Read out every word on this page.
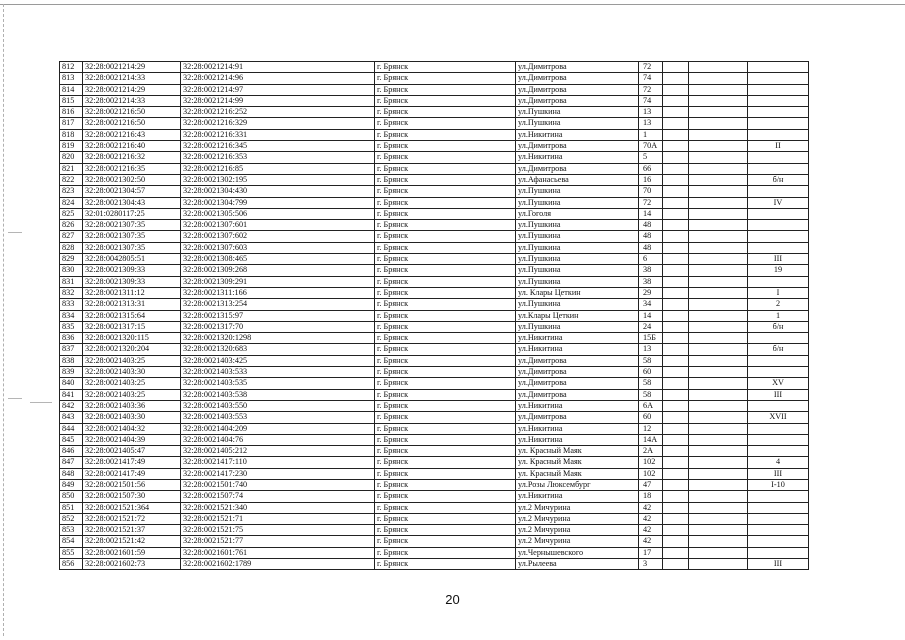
812	32:28:0021214:29	32:28:0021214:91	г. Брянск	ул.Димитрова	72			
813	32:28:0021214:33	32:28:0021214:96	г. Брянск	ул.Димитрова	74			
814	32:28:0021214:29	32:28:0021214:97	г. Брянск	ул.Димитрова	72			
815	32:28:0021214:33	32:28:0021214:99	г. Брянск	ул.Димитрова	74			
816	32:28:0021216:50	32:28:0021216:252	г. Брянск	ул.Пушкина	13			
817	32:28:0021216:50	32:28:0021216:329	г. Брянск	ул.Пушкина	13			
818	32:28:0021216:43	32:28:0021216:331	г. Брянск	ул.Никитина	1			
819	32:28:0021216:40	32:28:0021216:345	г. Брянск	ул.Димитрова	70А			II
820	32:28:0021216:32	32:28:0021216:353	г. Брянск	ул.Никитина	5			
821	32:28:0021216:35	32:28:0021216:85	г. Брянск	ул.Димитрова	66			
822	32:28:0021302:50	32:28:0021302:195	г. Брянск	ул.Афанасьева	16			б/н
823	32:28:0021304:57	32:28:0021304:430	г. Брянск	ул.Пушкина	70			
824	32:28:0021304:43	32:28:0021304:799	г. Брянск	ул.Пушкина	72			IV
825	32:01:0280117:25	32:28:0021305:506	г. Брянск	ул.Гоголя	14			
826	32:28:0021307:35	32:28:0021307:601	г. Брянск	ул.Пушкина	48			
827	32:28:0021307:35	32:28:0021307:602	г. Брянск	ул.Пушкина	48			
828	32:28:0021307:35	32:28:0021307:603	г. Брянск	ул.Пушкина	48			
829	32:28:0042805:51	32:28:0021308:465	г. Брянск	ул.Пушкина	6			III
830	32:28:0021309:33	32:28:0021309:268	г. Брянск	ул.Пушкина	38			19
831	32:28:0021309:33	32:28:0021309:291	г. Брянск	ул.Пушкина	38			
832	32:28:0021311:12	32:28:0021311:166	г. Брянск	ул. Клары Цеткин	29			I
833	32:28:0021313:31	32:28:0021313:254	г. Брянск	ул.Пушкина	34			2
834	32:28:0021315:64	32:28:0021315:97	г. Брянск	ул.Клары Цеткин	14			1
835	32:28:0021317:15	32:28:0021317:70	г. Брянск	ул.Пушкина	24			б/н
836	32:28:0021320:115	32:28:0021320:1298	г. Брянск	ул.Никитина	15Б			
837	32:28:0021320:204	32:28:0021320:683	г. Брянск	ул.Никитина	13			б/н
838	32:28:0021403:25	32:28:0021403:425	г. Брянск	ул.Димитрова	58			
839	32:28:0021403:30	32:28:0021403:533	г. Брянск	ул.Димитрова	60			
840	32:28:0021403:25	32:28:0021403:535	г. Брянск	ул.Димитрова	58			XV
841	32:28:0021403:25	32:28:0021403:538	г. Брянск	ул.Димитрова	58			III
842	32:28:0021403:36	32:28:0021403:550	г. Брянск	ул.Никитина	6А			
843	32:28:0021403:30	32:28:0021403:553	г. Брянск	ул.Димитрова	60			XVII
844	32:28:0021404:32	32:28:0021404:209	г. Брянск	ул.Никитина	12			
845	32:28:0021404:39	32:28:0021404:76	г. Брянск	ул.Никитина	14А			
846	32:28:0021405:47	32:28:0021405:212	г. Брянск	ул. Красный Маяк	2А			
847	32:28:0021417:49	32:28:0021417:110	г. Брянск	ул. Красный Маяк	102			4
848	32:28:0021417:49	32:28:0021417:230	г. Брянск	ул. Красный Маяк	102			III
849	32:28:0021501:56	32:28:0021501:740	г. Брянск	ул.Розы Люксембург	47			I-10
850	32:28:0021507:30	32:28:0021507:74	г. Брянск	ул.Никитина	18			
851	32:28:0021521:364	32:28:0021521:340	г. Брянск	ул.2 Мичурина	42			
852	32:28:0021521:72	32:28:0021521:71	г. Брянск	ул.2 Мичурина	42			
853	32:28:0021521:37	32:28:0021521:75	г. Брянск	ул.2 Мичурина	42			
854	32:28:0021521:42	32:28:0021521:77	г. Брянск	ул.2 Мичурина	42			
855	32:28:0021601:59	32:28:0021601:761	г. Брянск	ул.Чернышевского	17			
856	32:28:0021602:73	32:28:0021602:1789	г. Брянск	ул.Рылеева	3			III
20
